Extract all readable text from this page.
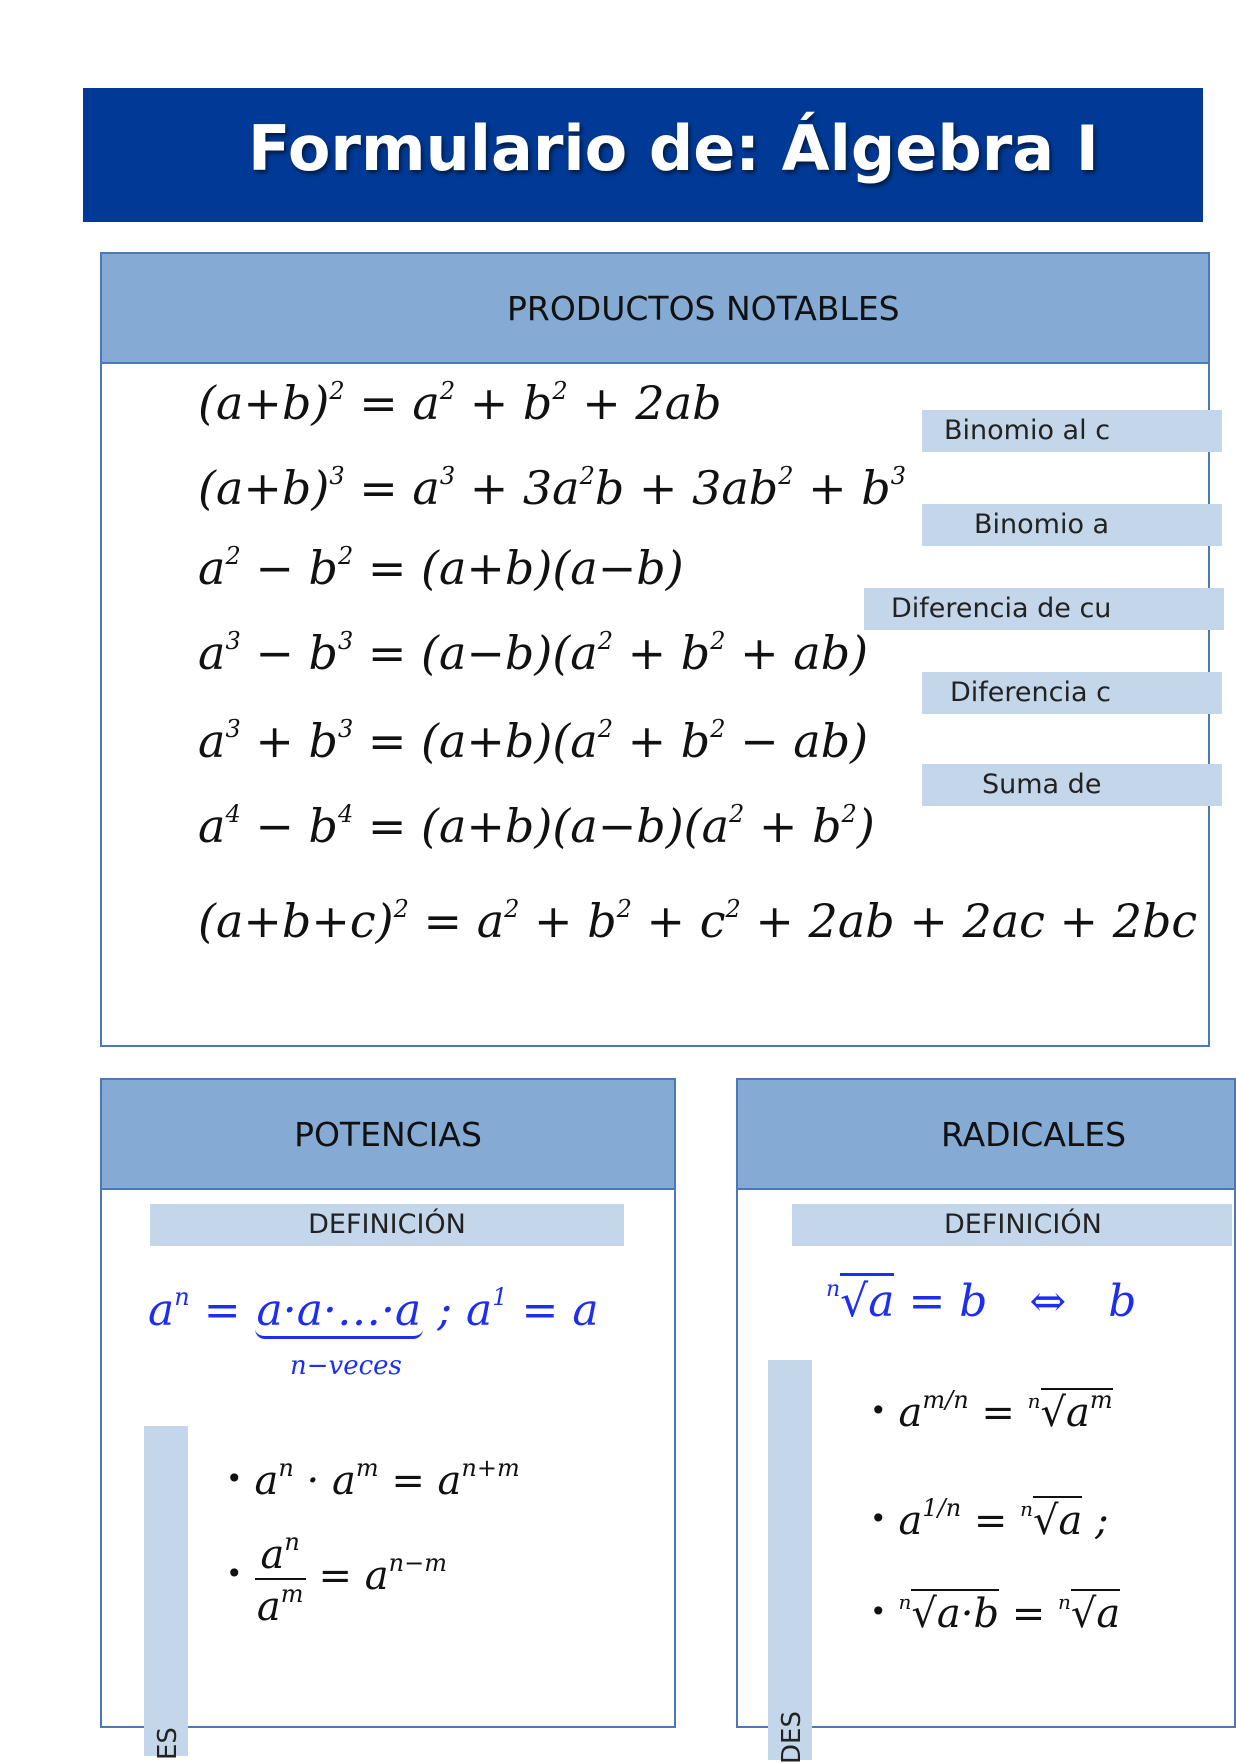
Formulario de: Álgebra I
PRODUCTOS NOTABLES
$(a+b)^2 = a^2 + b^2 + 2ab$
Binomio al c
$(a+b)^3 = a^3 + 3a^2b + 3ab^2 + b^3$
Binomio a
$a^2 - b^2 = (a+b)(a-b)$
Diferencia de cu
$a^3 - b^3 = (a-b)(a^2 + b^2 + ab)$
Diferencia c
$a^3 + b^3 = (a+b)(a^2 + b^2 - ab)$
Suma de
$a^4 - b^4 = (a+b)(a-b)(a^2 + b^2)$
$(a+b+c)^2 = a^2 + b^2 + c^2 + 2ab + 2ac + 2bc$
POTENCIAS
DEFINICIÓN
$a^n$ = a·a·…·a ; $a^1 = a$
n−veces
ES
• $a^n \cdot a^m = a^{n+m}$
• $\frac{a^n}{a^m} = a^{n-m}$
RADICALES
DEFINICIÓN
$^n$√a = b   ⇔   b
DES
• $a^{m/n} = ^n√a^m$
• $a^{1/n} = ^n√a$ ;
• $^n$√a·b = $^n$√a
